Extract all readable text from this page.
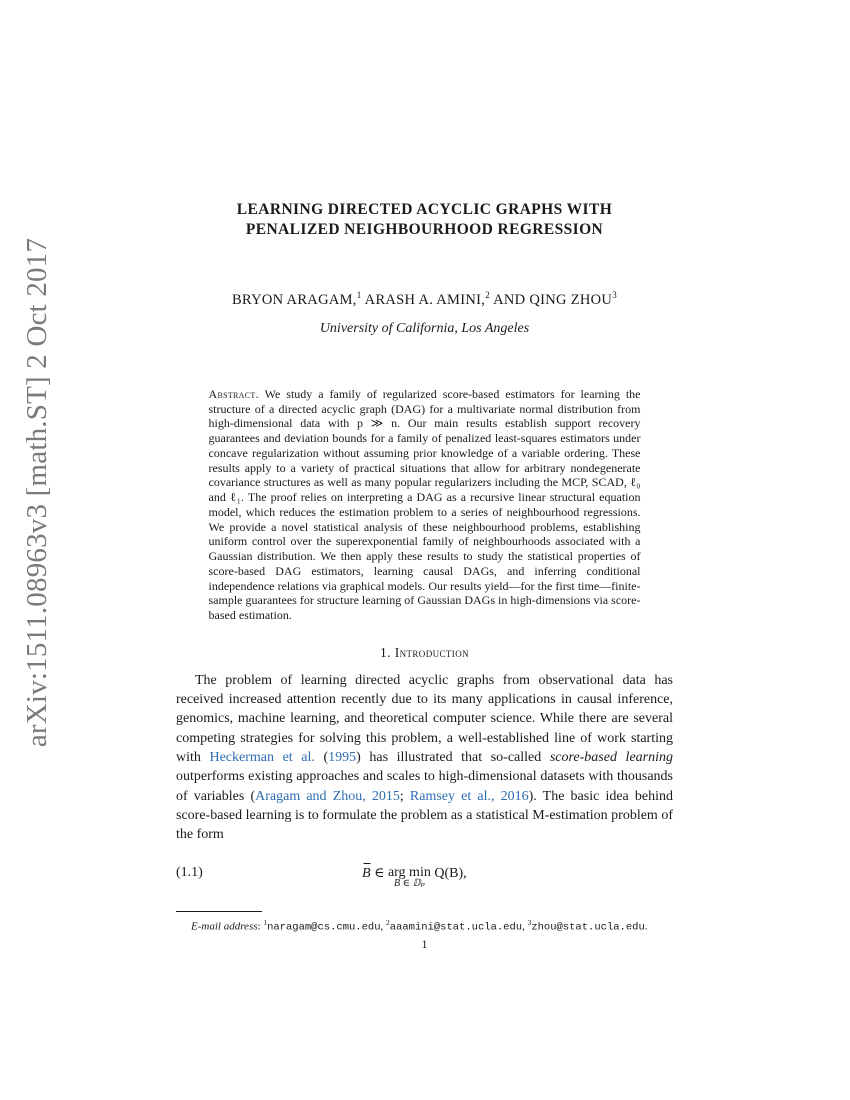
arXiv:1511.08963v3 [math.ST] 2 Oct 2017
LEARNING DIRECTED ACYCLIC GRAPHS WITH
PENALIZED NEIGHBOURHOOD REGRESSION
BRYON ARAGAM,$^1$ ARASH A. AMINI,$^2$ AND QING ZHOU$^3$
University of California, Los Angeles
Abstract. We study a family of regularized score-based estimators for learning the structure of a directed acyclic graph (DAG) for a multivariate normal distribution from high-dimensional data with p ≫ n. Our main results establish support recovery guarantees and deviation bounds for a family of penalized least-squares estimators under concave regularization without assuming prior knowledge of a variable ordering. These results apply to a variety of practical situations that allow for arbitrary nondegenerate covariance structures as well as many popular regularizers including the MCP, SCAD, ℓ₀ and ℓ₁. The proof relies on interpreting a DAG as a recursive linear structural equation model, which reduces the estimation problem to a series of neighbourhood regressions. We provide a novel statistical analysis of these neighbourhood problems, establishing uniform control over the superexponential family of neighbourhoods associated with a Gaussian distribution. We then apply these results to study the statistical properties of score-based DAG estimators, learning causal DAGs, and inferring conditional independence relations via graphical models. Our results yield—for the first time—finite-sample guarantees for structure learning of Gaussian DAGs in high-dimensions via score-based estimation.
1. Introduction

The problem of learning directed acyclic graphs from observational data has received increased attention recently due to its many applications in causal inference, genomics, machine learning, and theoretical computer science. While there are several competing strategies for solving this problem, a well-established line of work starting with Heckerman et al. (1995) has illustrated that so-called score-based learning outperforms existing approaches and scales to high-dimensional datasets with thousands of variables (Aragam and Zhou, 2015; Ramsey et al., 2016). The basic idea behind score-based learning is to formulate the problem as a statistical M-estimation problem of the form

(1.1)	B ∈ arg min
B ∈ 𝔻ₚ
Q(B),
E-mail address: $^1$naragam@cs.cmu.edu, $^2$aaamini@stat.ucla.edu, $^3$zhou@stat.ucla.edu.
1
